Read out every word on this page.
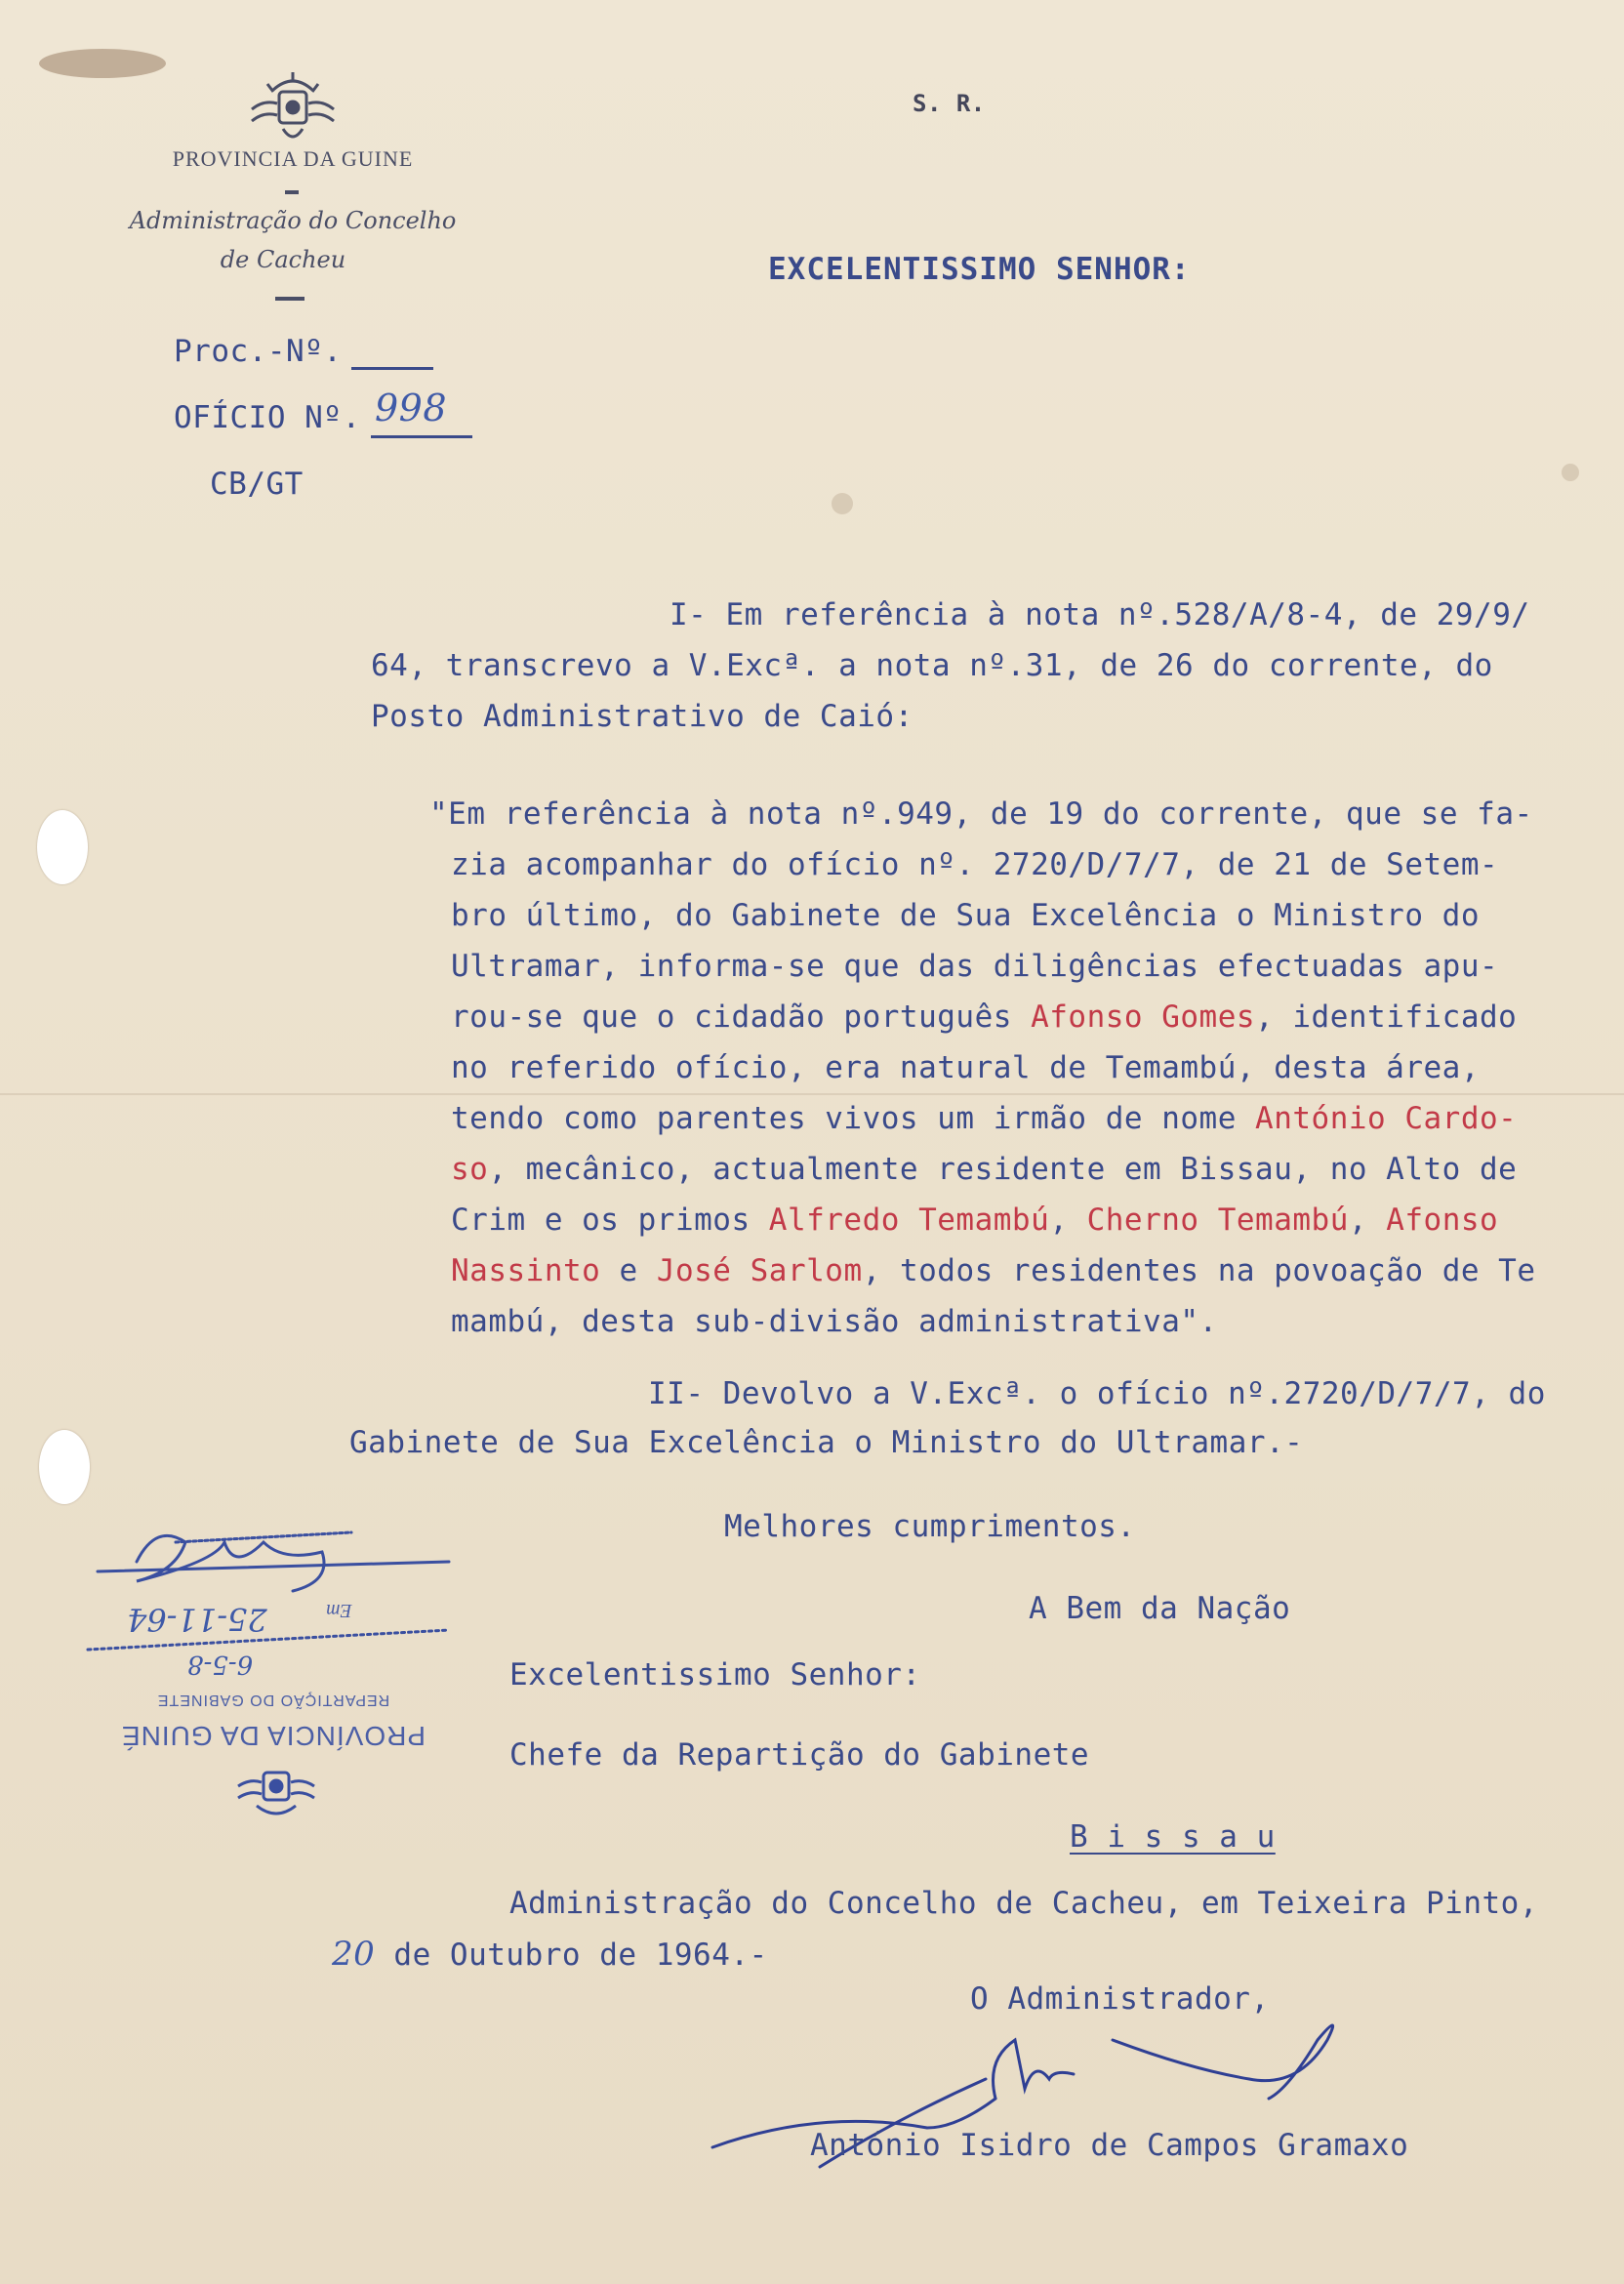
PROVINCIA DA GUINE
Administração do Concelho
de Cacheu
S. R.
Proc.-Nº.
OFÍCIO Nº. 998
CB/GT
EXCELENTISSIMO SENHOR:
I- Em referência à nota nº.528/A/8-4, de 29/9/
64, transcrevo a V.Excª. a nota nº.31, de 26 do corrente, do
Posto Administrativo de Caió:
"Em referência à nota nº.949, de 19 do corrente, que se fa-
zia acompanhar do ofício nº. 2720/D/7/7, de 21 de Setem-
bro último, do Gabinete de Sua Excelência o Ministro do
Ultramar, informa-se que das diligências efectuadas apu-
rou-se que o cidadão português Afonso Gomes, identificado
no referido ofício, era natural de Temambú, desta área,
tendo como parentes vivos um irmão de nome António Cardo-
so, mecânico, actualmente residente em Bissau, no Alto de
Crim e os primos Alfredo Temambú, Cherno Temambú, Afonso
Nassinto e José Sarlom, todos residentes na povoação de Te
mambú, desta sub-divisão administrativa".
II- Devolvo a V.Excª. o ofício nº.2720/D/7/7, do
Gabinete de Sua Excelência o Ministro do Ultramar.-
Melhores cumprimentos.
A Bem da Nação
Excelentissimo Senhor:
Chefe da Repartição do Gabinete
B i s s a u
Administração do Concelho de Cacheu, em Teixeira Pinto,
20 de Outubro de 1964.-
O Administrador,
António Isidro de Campos Gramaxo
25-11-64	Em
6-5-8
REPARTIÇÃO DO GABINETE
PROVÍNCIA DA GUINÉ
